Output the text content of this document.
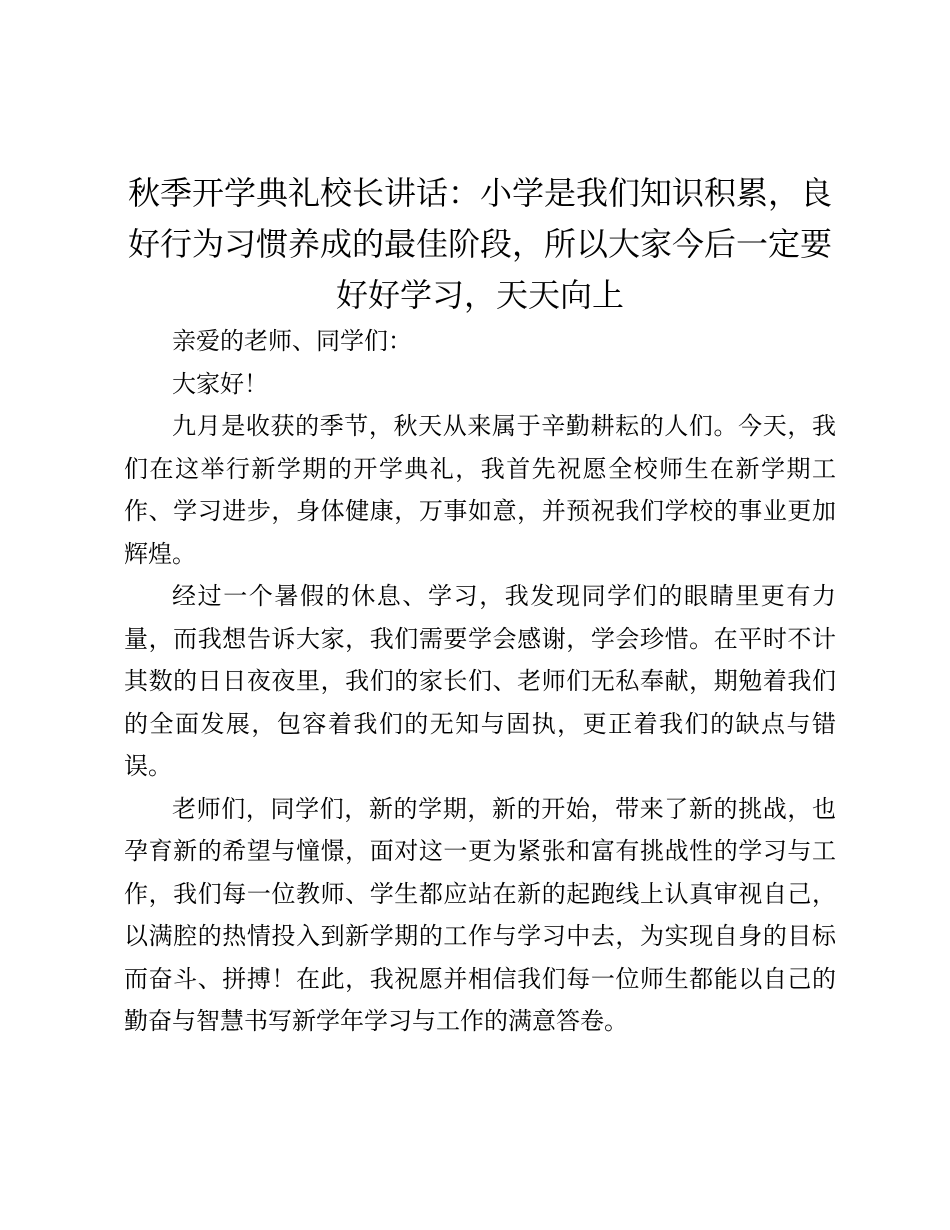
秋季开学典礼校长讲话：小学是我们知识积累，良好行为习惯养成的最佳阶段，所以大家今后一定要好好学习，天天向上

亲爱的老师、同学们：

大家好！

九月是收获的季节，秋天从来属于辛勤耕耘的人们。今天，我们在这举行新学期的开学典礼，我首先祝愿全校师生在新学期工作、学习进步，身体健康，万事如意，并预祝我们学校的事业更加辉煌。

经过一个暑假的休息、学习，我发现同学们的眼睛里更有力量，而我想告诉大家，我们需要学会感谢，学会珍惜。在平时不计其数的日日夜夜里，我们的家长们、老师们无私奉献，期勉着我们的全面发展，包容着我们的无知与固执，更正着我们的缺点与错误。

老师们，同学们，新的学期，新的开始，带来了新的挑战，也孕育新的希望与憧憬，面对这一更为紧张和富有挑战性的学习与工作，我们每一位教师、学生都应站在新的起跑线上认真审视自己，以满腔的热情投入到新学期的工作与学习中去，为实现自身的目标而奋斗、拼搏！在此，我祝愿并相信我们每一位师生都能以自己的勤奋与智慧书写新学年学习与工作的满意答卷。
